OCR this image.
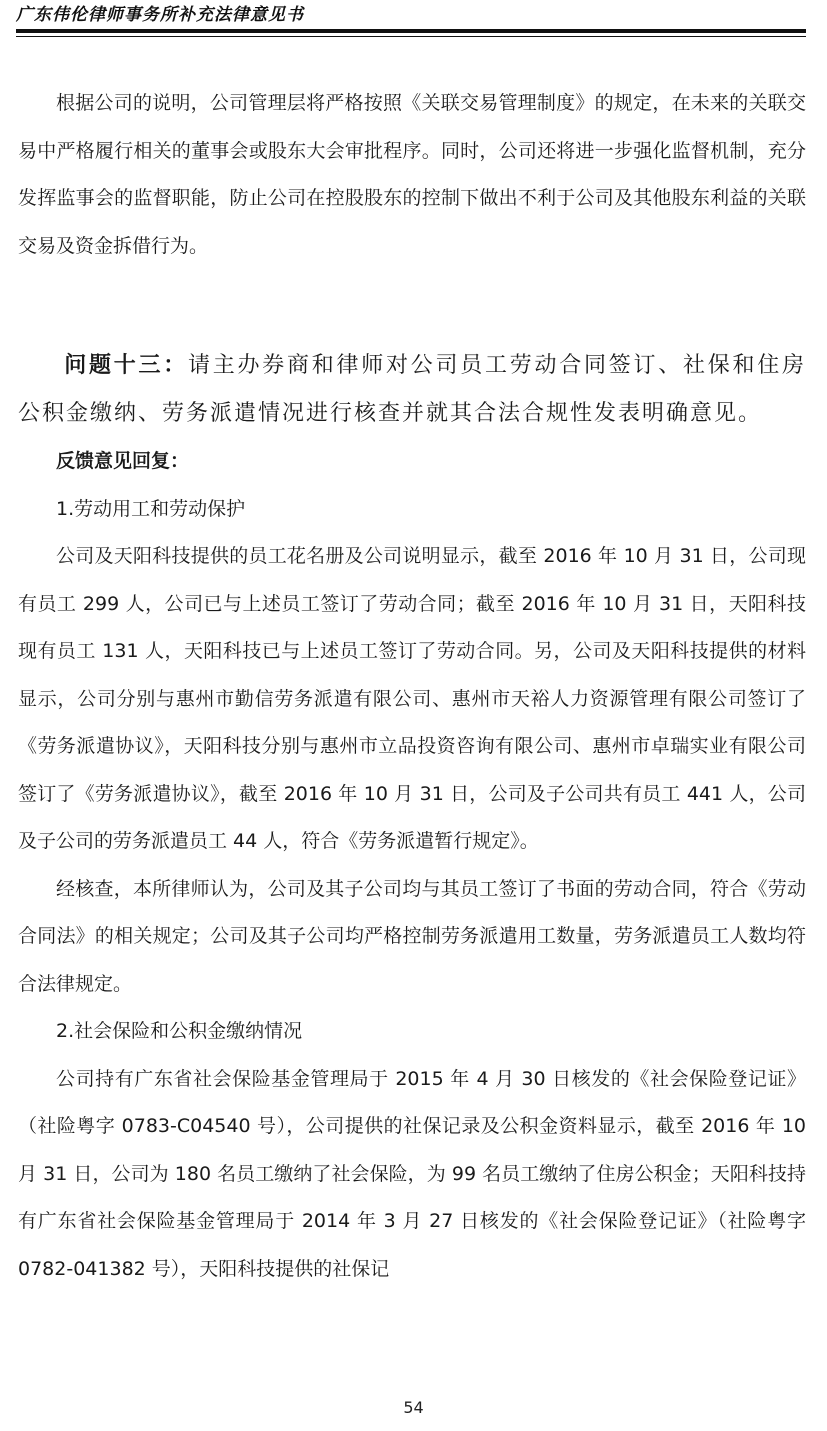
广东伟伦律师事务所补充法律意见书

根据公司的说明，公司管理层将严格按照《关联交易管理制度》的规定，在未来的关联交易中严格履行相关的董事会或股东大会审批程序。同时，公司还将进一步强化监督机制，充分发挥监事会的监督职能，防止公司在控股股东的控制下做出不利于公司及其他股东利益的关联交易及资金拆借行为。

问题十三：请主办券商和律师对公司员工劳动合同签订、社保和住房公积金缴纳、劳务派遣情况进行核查并就其合法合规性发表明确意见。

反馈意见回复：

1.劳动用工和劳动保护

公司及天阳科技提供的员工花名册及公司说明显示，截至 2016 年 10 月 31 日，公司现有员工 299 人，公司已与上述员工签订了劳动合同；截至 2016 年 10 月 31 日，天阳科技现有员工 131 人，天阳科技已与上述员工签订了劳动合同。另，公司及天阳科技提供的材料显示，公司分别与惠州市勤信劳务派遣有限公司、惠州市天裕人力资源管理有限公司签订了《劳务派遣协议》，天阳科技分别与惠州市立品投资咨询有限公司、惠州市卓瑞实业有限公司签订了《劳务派遣协议》，截至 2016 年 10 月 31 日，公司及子公司共有员工 441 人，公司及子公司的劳务派遣员工 44 人，符合《劳务派遣暂行规定》。

经核查，本所律师认为，公司及其子公司均与其员工签订了书面的劳动合同，符合《劳动合同法》的相关规定；公司及其子公司均严格控制劳务派遣用工数量，劳务派遣员工人数均符合法律规定。

2.社会保险和公积金缴纳情况

公司持有广东省社会保险基金管理局于 2015 年 4 月 30 日核发的《社会保险登记证》（社险粤字 0783-C04540 号），公司提供的社保记录及公积金资料显示，截至 2016 年 10 月 31 日，公司为 180 名员工缴纳了社会保险，为 99 名员工缴纳了住房公积金；天阳科技持有广东省社会保险基金管理局于 2014 年 3 月 27 日核发的《社会保险登记证》（社险粤字 0782-041382 号），天阳科技提供的社保记

54
